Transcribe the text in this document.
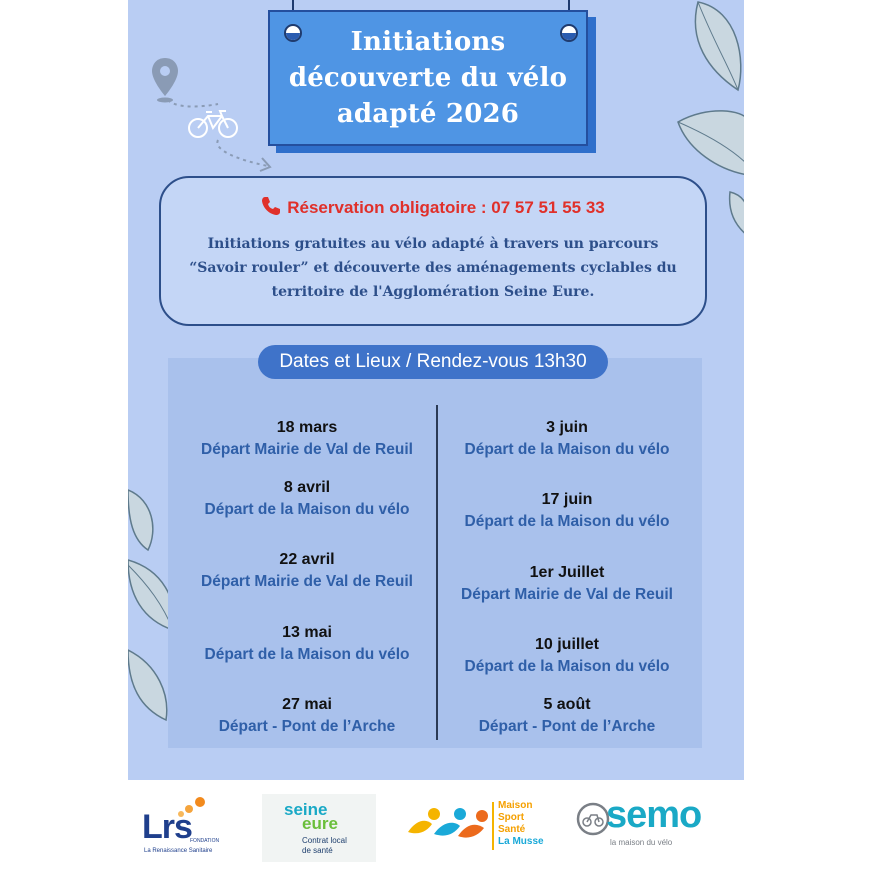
Initiations
découverte du vélo
adapté 2026
Réservation obligatoire : 07 57 51 55 33
Initiations gratuites au vélo adapté à travers un parcours “Savoir rouler” et découverte des aménagements cyclables du territoire de l'Agglomération Seine Eure.
Dates et Lieux / Rendez-vous 13h30
18 mars
Départ Mairie de Val de Reuil
8 avril
Départ de la Maison du vélo
22 avril
Départ Mairie de Val de Reuil
13 mai
Départ de la Maison du vélo
27 mai
Départ - Pont de l’Arche
3 juin
Départ de la Maison du vélo
17 juin
Départ de la Maison du vélo
1er Juillet
Départ Mairie de Val de Reuil
10 juillet
Départ de la Maison du vélo
5 août
Départ - Pont de l’Arche
Lrs
FONDATION
La Renaissance Sanitaire
seine
eure
Contrat local
de santé
Maison
Sport
Santé
La Musse
semo
la maison du vélo
